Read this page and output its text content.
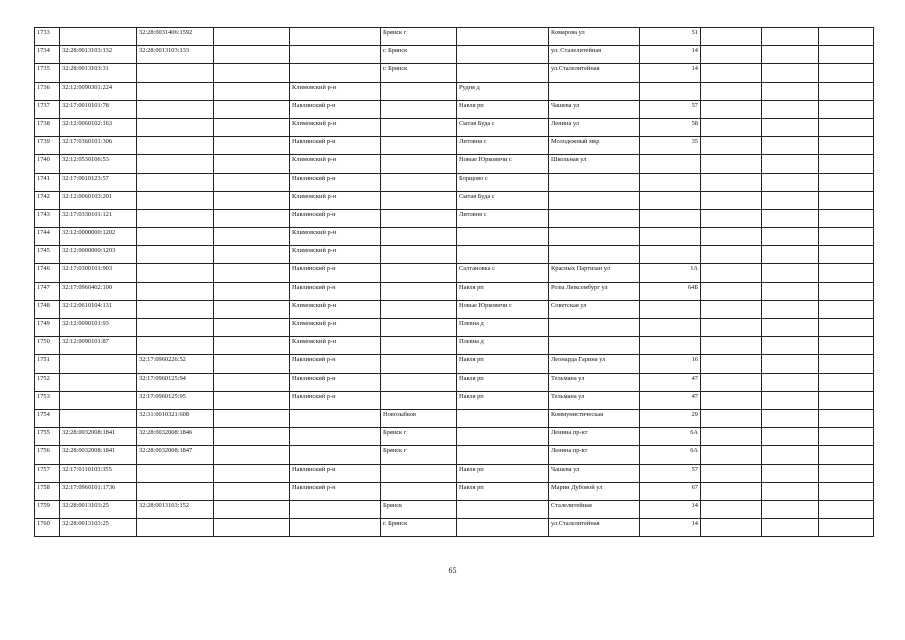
1733		32:28:0031406:1592			Брянск г		Комарова ул	51			
1734	32:28:0013103:132	32:28:0013103:133			г. Брянск		ул. Сталелитейная	14			
1735	32:28:0013103:31				г. Брянск		ул.Сталелитейная	14			
1736	32:12:0090301:224			Климовский р-н		Рудня д					
1737	32:17:0010101:78			Навлинский р-н		Навля рп	Чашева ул	57			
1738	32:12:0060102:163			Климовский р-н		Сытая Буда с	Ленина ул	58			
1739	32:17:0360101:306			Навлинский р-н		Литовня с	Молодежный мкр	35			
1740	32:12:0530106:53			Климовский р-н		Новые Юрковичи с	Школьная ул				
1741	32:17:0010123:57			Навлинский р-н		Борщово с					
1742	32:12:0060103:201			Климовский р-н		Сытая Буда с					
1743	32:17:0330101:121			Навлинский р-н		Литовня с					
1744	32:12:0000000:1202			Климовский р-н							
1745	32:12:0000000:1203			Климовский р-н							
1746	32:17:0300101:903			Навлинский р-н		Салтановка с	Красных Партизан ул	1А			
1747	32:17:0960402:100			Навлинский р-н		Навля рп	Розы Люксембург ул	64Б			
1748	32:12:0610104:131			Климовский р-н		Новые Юрковичи с	Советская ул				
1749	32:12:0090101:93			Климовский р-н		Плевна д					
1750	32:12:0090101:87			Климовский р-н		Плевна д					
1751		32:17:0960226:52		Навлинский р-н		Навля рп	Леонарда Гарина ул	16			
1752		32:17:0960125:94		Навлинский р-н		Навля рп	Тельмана ул	47			
1753		32:17:0960125:95		Навлинский р-н		Навля рп	Тельмана ул	47			
1754		32:31:0010321:608			Новозыбков		Коммунистическая	29			
1755	32:28:0032008:1841	32:28:0032008:1846			Брянск г		Ленина пр-кт	6А			
1756	32:28:0032008:1841	32:28:0032008:1847			Брянск г		Ленина пр-кт	6А			
1757	32:17:0110103:355			Навлинский р-н		Навля рп	Чашева ул	57			
1758	32:17:0960101:1736			Навлинский р-н		Навля рп	Марии Дубовой ул	67			
1759	32:28:0013103:25	32:28:0013103:152			Брянск		Сталелитейная	14			
1760	32:28:0013103:25				г. Брянск		ул.Сталелитейная	14			
65
